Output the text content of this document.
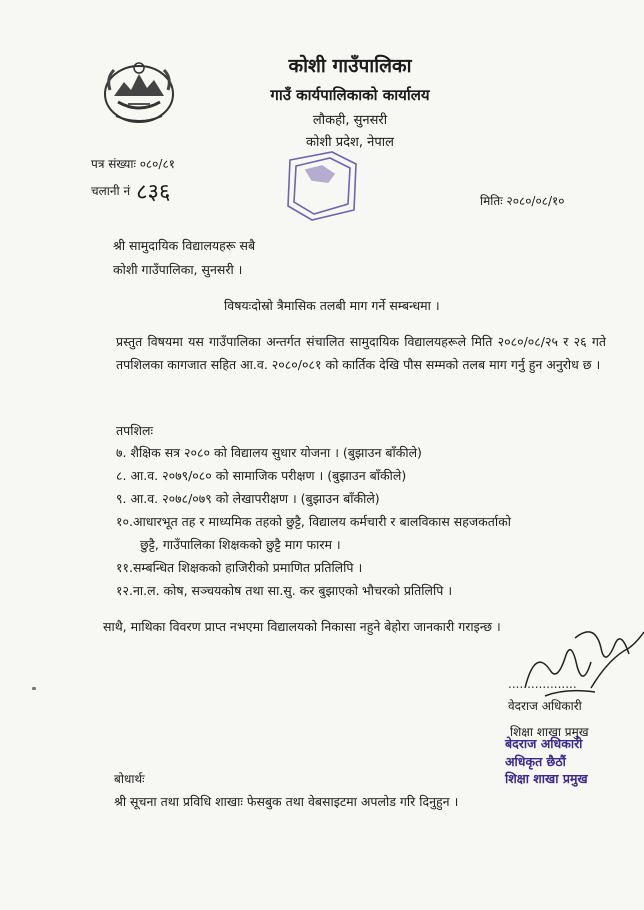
कोशी गाउँपालिका
गाउँ कार्यपालिकाको कार्यालय
लौकही, सुनसरी
कोशी प्रदेश, नेपाल
पत्र संख्याः ०८०/८१
चलानी नं ८३६	मितिः २०८०/०८/१०
श्री सामुदायिक विद्यालयहरू सबै
कोशी गाउँपालिका, सुनसरी ।
विषयःदोस्रो त्रैमासिक तलबी माग गर्ने सम्बन्धमा ।
प्रस्तुत विषयमा यस गाउँपालिका अन्तर्गत संचालित सामुदायिक विद्यालयहरूले मिति २०८०/०८/२५ र २६ गते तपशिलका कागजात सहित आ.व. २०८०/०८१ को कार्तिक देखि पौस सम्मको तलब माग गर्नु हुन अनुरोध छ ।
तपशिलः
७. शैक्षिक सत्र २०८० को विद्यालय सुधार योजना । (बुझाउन बाँकीले)
८. आ.व. २०७९/०८० को सामाजिक परीक्षण । (बुझाउन बाँकीले)
९. आ.व. २०७८/०७९ को लेखापरीक्षण । (बुझाउन बाँकीले)
१०.आधारभूत तह र माध्यमिक तहको छुट्टै, विद्यालय कर्मचारी र बालविकास सहजकर्ताको
छुट्टै, गाउँपालिका शिक्षकको छुट्टै माग फारम ।
११.सम्बन्धित शिक्षकको हाजिरीको प्रमाणित प्रतिलिपि ।
१२.ना.ल. कोष, सञ्चयकोष तथा सा.सु. कर बुझाएको भौचरको प्रतिलिपि ।
साथै, माथिका विवरण प्राप्त नभएमा विद्यालयको निकासा नहुने बेहोरा जानकारी गराइन्छ ।
..................
वेदराज अधिकारी
शिक्षा शाखा प्रमुख
बेदराज अधिकारी
अधिकृत छैठौं
शिक्षा शाखा प्रमुख
बोधार्थः
श्री सूचना तथा प्रविधि शाखाः फेसबुक तथा वेबसाइटमा अपलोड गरि दिनुहुन ।
